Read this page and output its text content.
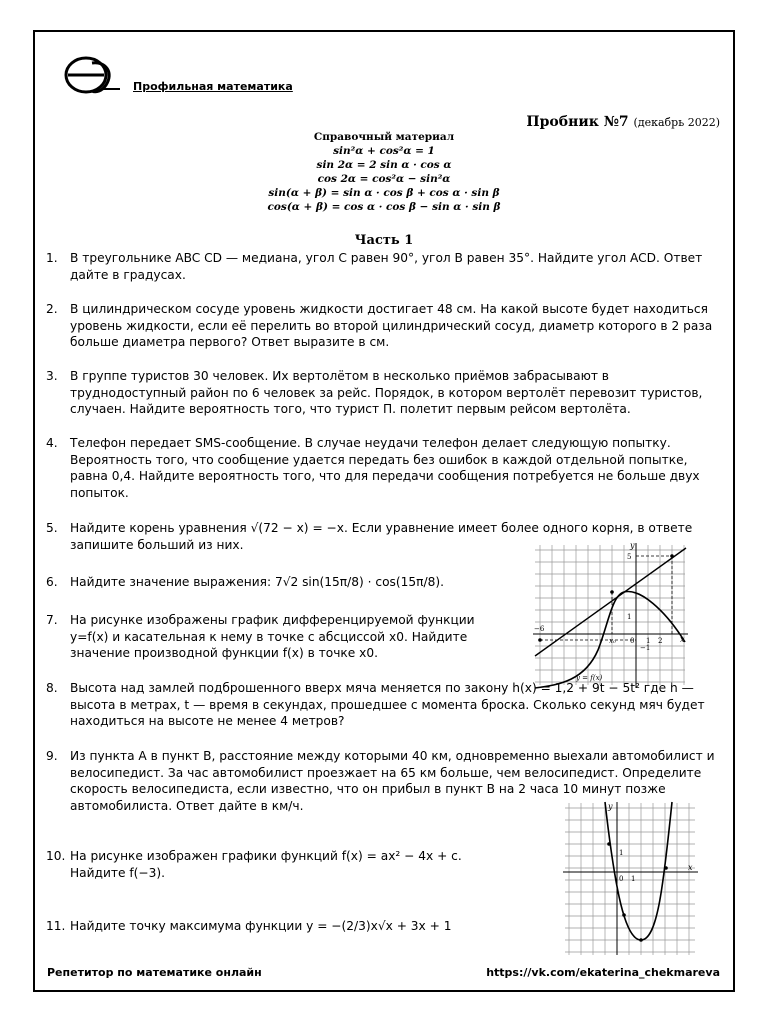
Профильная математика
Пробник №7 (декабрь 2022)
Справочный материал
sin²α + cos²α = 1
sin 2α = 2 sin α · cos α
cos 2α = cos²α − sin²α
sin(α + β) = sin α · cos β + cos α · sin β
cos(α + β) = cos α · cos β − sin α · sin β
Часть 1
1.	В треугольнике ABC CD — медиана, угол C равен 90°, угол B равен 35°. Найдите угол ACD. Ответ дайте в градусах.
2.	В цилиндрическом сосуде уровень жидкости достигает 48 см. На какой высоте будет находиться уровень жидкости, если её перелить во второй цилиндрический сосуд, диаметр которого в 2 раза больше диаметра первого? Ответ выразите в см.
3.	В группе туристов 30 человек. Их вертолётом в несколько приёмов забрасывают в труднодоступный район по 6 человек за рейс. Порядок, в котором вертолёт перевозит туристов, случаен. Найдите вероятность того, что турист П. полетит первым рейсом вертолёта.
4.	Телефон передает SMS-сообщение. В случае неудачи телефон делает следующую попытку. Вероятность того, что сообщение удается передать без ошибок в каждой отдельной попытке, равна 0,4. Найдите вероятность того, что для передачи сообщения потребуется не больше двух попыток.
5.	Найдите корень уравнения √(72 − x) = −x. Если уравнение имеет более одного корня, в ответе запишите больший из них.
6.	Найдите значение выражения: 7√2 sin(15π/8) · cos(15π/8).
7.	На рисунке изображены график дифференцируемой функции y=f(x) и касательная к нему в точке с абсциссой x0. Найдите значение производной функции f(x) в точке x0.
8.	Высота над замлей подброшенного вверх мяча меняется по закону h(x) = 1,2 + 9t − 5t² где h — высота в метрах, t — время в секундах, прошедшее с момента броска. Сколько секунд мяч будет находиться на высоте не менее 4 метров?
9.	Из пункта А в пункт В, расстояние между которыми 40 км, одновременно выехали автомобилист и велосипедист. За час автомобилист проезжает на 65 км больше, чем велосипедист. Определите скорость велосипедиста, если известно, что он прибыл в пункт В на 2 часа 10 минут позже автомобилиста. Ответ дайте в км/ч.
10. На рисунке изображен графики функций f(x) = ax² − 4x + c. Найдите f(−3).
11. Найдите точку максимума функции y = −(2/3)x√x + 3x + 1
y
x
5
1
−1
−6
x₀ 0 1 2
y = f(x)
y
x
1
0 1
Репетитор по математике онлайн	https://vk.com/ekaterina_chekmareva
